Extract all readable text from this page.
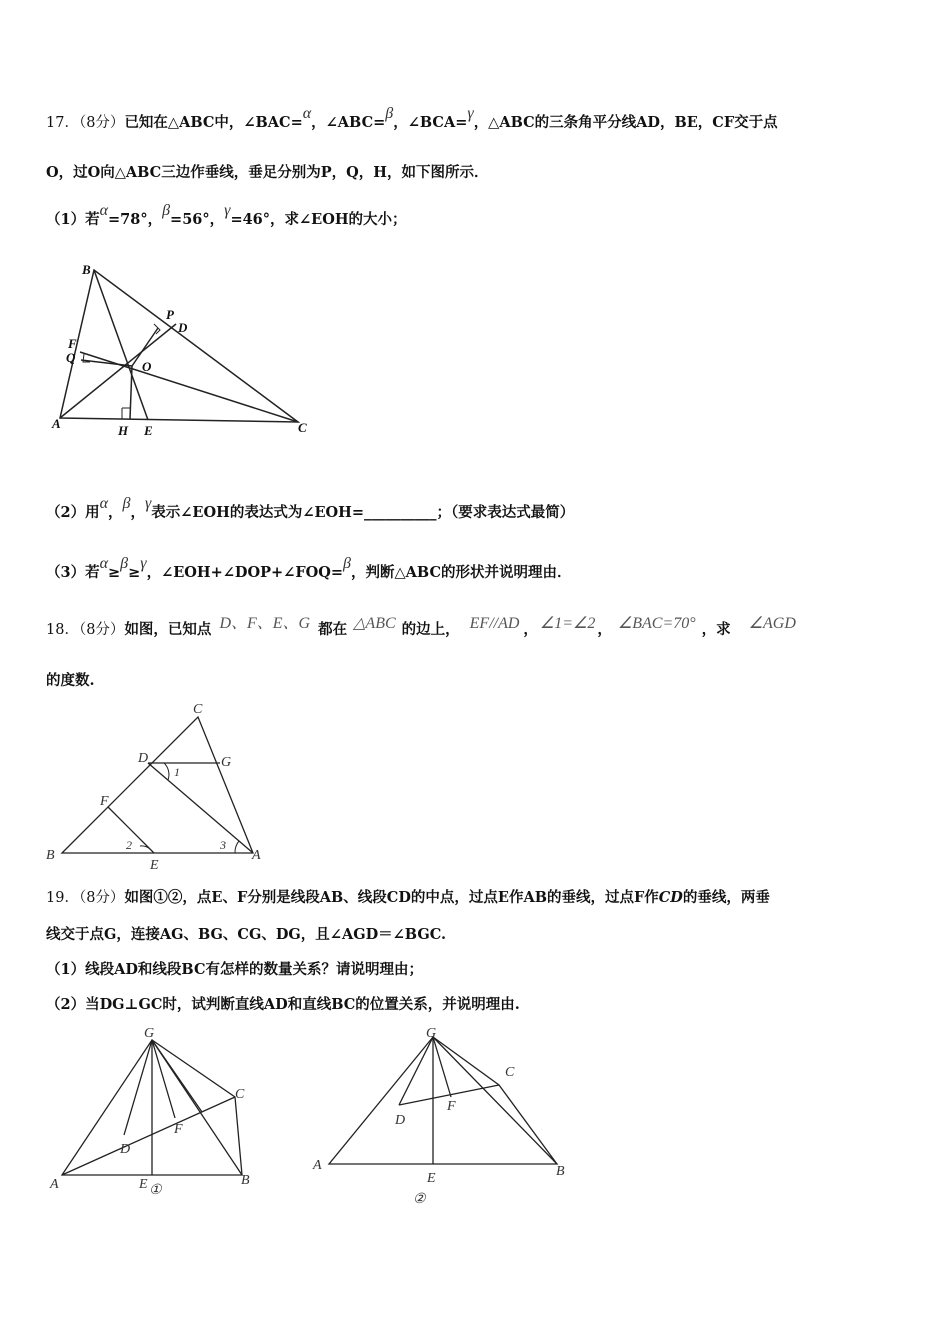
17．（8分）已知在△ABC中，∠BAC=α，∠ABC=β，∠BCA=γ，△ABC的三条角平分线AD，BE，CF交于点
O，过O向△ABC三边作垂线，垂足分别为P，Q，H，如下图所示．
（1）若α=78°，β=56°，γ=46°，求∠EOH的大小；
B
P
D
F
Q
O
A	H E	C
（2）用α，β，γ表示∠EOH的表达式为∠EOH=__________；（要求表达式最简）
（3）若α≥β≥γ，∠EOH+∠DOP+∠FOQ=β，判断△ABC的形状并说明理由．
18．（8分）如图，已知点 D、F、E、G 都在 △ABC 的边上， EF//AD ， ∠1=∠2 ， ∠BAC=70° ，求 ∠AGD
的度数.
C
D	G
1
F
B
2
E
3
A
19．（8分）如图①②，点E、F分别是线段AB、线段CD的中点，过点E作AB的垂线，过点F作CD的垂线，两垂
线交于点G，连接AG、BG、CG、DG，且∠AGD＝∠BGC.
（1）线段AD和线段BC有怎样的数量关系？请说明理由；
（2）当DG⊥GC时，试判断直线AD和直线BC的位置关系，并说明理由.
G
C
F
D
A	E ①
B
G
C
F
D
A
E
②
B
